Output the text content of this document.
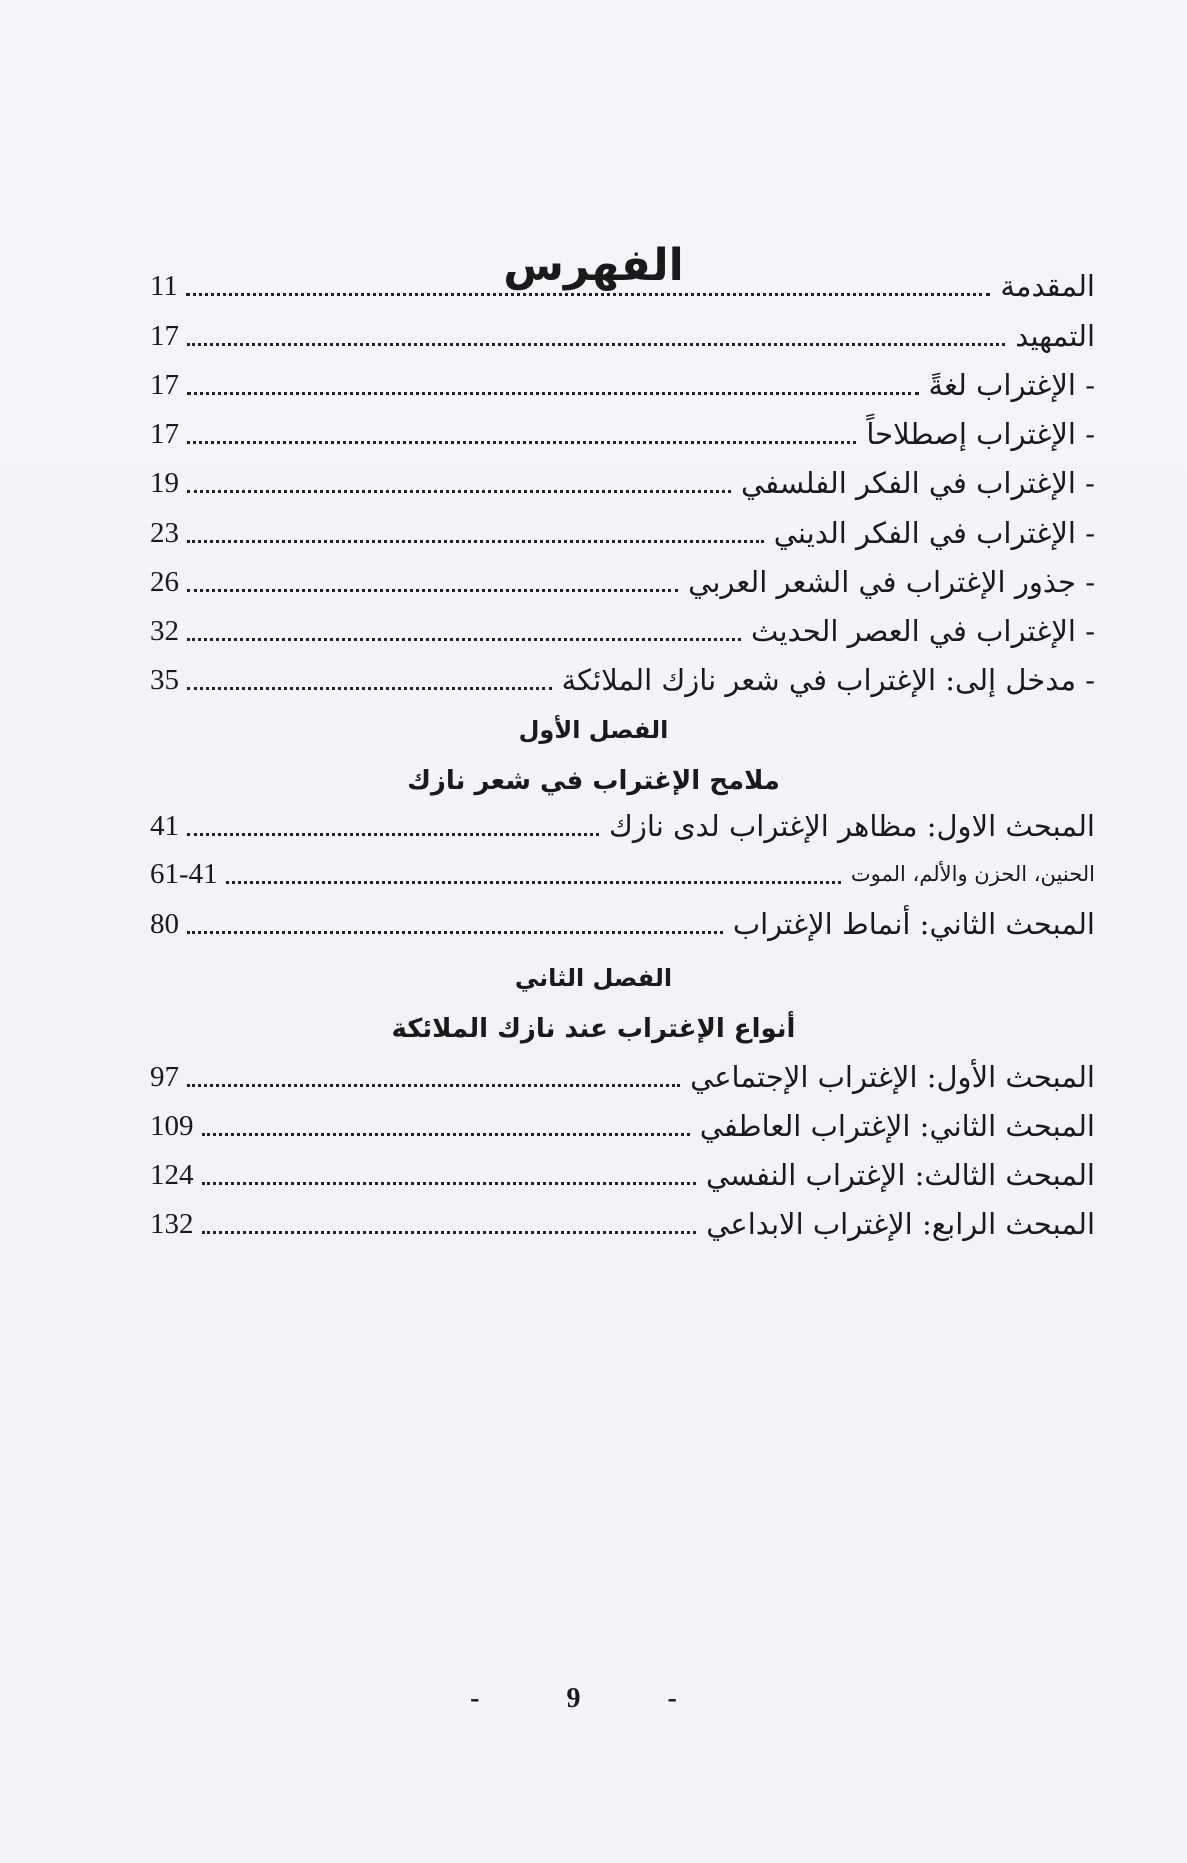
الفهرس	المقدمة
11
التمهيد
17
- الإغتراب لغةً
17
- الإغتراب إصطلاحاً
17
- الإغتراب في الفكر الفلسفي
19
- الإغتراب في الفكر الديني
23
- جذور الإغتراب في الشعر العربي
26
- الإغتراب في العصر الحديث
32
- مدخل إلى: الإغتراب في شعر نازك الملائكة
35
المبحث الاول: مظاهر الإغتراب لدى نازك
41
الحنين، الحزن والألم، الموت
61-41
المبحث الثاني: أنماط الإغتراب
80
المبحث الأول: الإغتراب الإجتماعي
97
المبحث الثاني: الإغتراب العاطفي
109
المبحث الثالث: الإغتراب النفسي
124
المبحث الرابع: الإغتراب الابداعي
132
الفصل الأول
ملامح الإغتراب في شعر نازك
الفصل الثاني
أنواع الإغتراب عند نازك الملائكة
- 9 -
